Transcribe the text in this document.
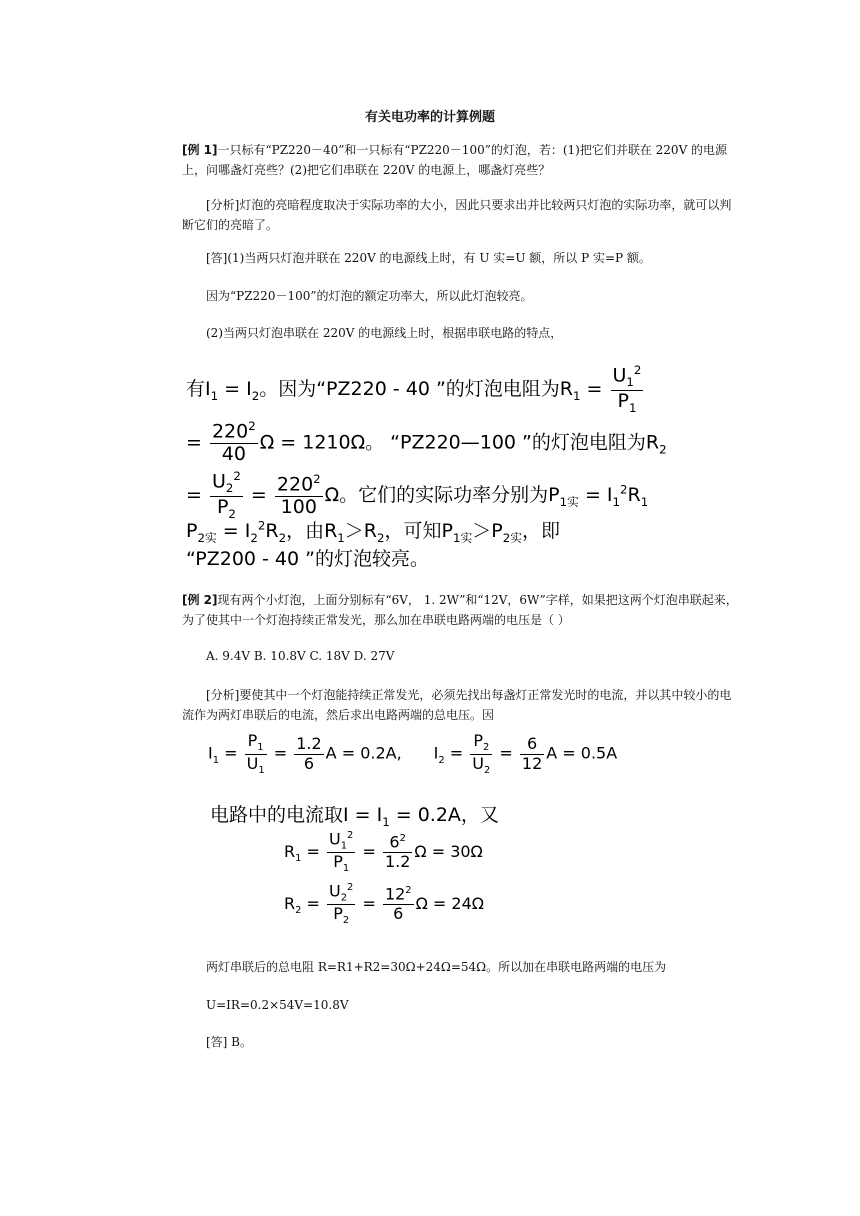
有关电功率的计算例题
[例 1]一只标有“PZ220－40”和一只标有“PZ220－100”的灯泡，若：(1)把它们并联在 220V 的电源上，问哪盏灯亮些？(2)把它们串联在 220V 的电源上，哪盏灯亮些？
[分析]灯泡的亮暗程度取决于实际功率的大小，因此只要求出并比较两只灯泡的实际功率，就可以判断它们的亮暗了。
[答](1)当两只灯泡并联在 220V 的电源线上时，有 U 实=U 额，所以 P 实=P 额。
因为“PZ220－100”的灯泡的额定功率大，所以此灯泡较亮。
(2)当两只灯泡串联在 220V 的电源线上时，根据串联电路的特点，
有$I_1 = I_2$。因为“PZ220 - 40 ”的灯泡电阻为$R_1 = \frac{U_1^2}{P_1}$
= $\frac{220^2}{40}$ Ω = 1210Ω。 “PZ220—100 ”的灯泡电阻为$R_2$
= $\frac{U_2^2}{P_2} = \frac{220^2}{100}$ Ω。它们的实际功率分别为$P_{1实} = I_1^2R_1$
$P_{2实} = I_2^2R_2$，由$R_1>R_2$，可知$P_{1实}>P_{2实}$，即
“PZ200 - 40 ”的灯泡较亮。
[例 2]现有两个小灯泡，上面分别标有“6V， 1. 2W”和“12V，6W”字样，如果把这两个灯泡串联起来，为了使其中一个灯泡持续正常发光，那么加在串联电路两端的电压是（ ）
A. 9.4V B. 10.8V C. 18V D. 27V
[分析]要使其中一个灯泡能持续正常发光，必须先找出每盏灯正常发光时的电流，并以其中较小的电流作为两灯串联后的电流，然后求出电路两端的总电压。因
$I_1 = \frac{P_1}{U_1} = \frac{1.2}{6}$ A = 0.2A, $I_2 = \frac{P_2}{U_2} = \frac{6}{12}$ A = 0.5A
电路中的电流取$I = I_1 = 0.2A$，又
$R_1 = \frac{U_1^2}{P_1} = \frac{6^2}{1.2}$ Ω = 30Ω
$R_2 = \frac{U_2^2}{P_2} = \frac{12^2}{6}$ Ω = 24Ω
两灯串联后的总电阻 R=R1+R2=30Ω+24Ω=54Ω。所以加在串联电路两端的电压为
U=IR=0.2×54V=10.8V
[答] B。
